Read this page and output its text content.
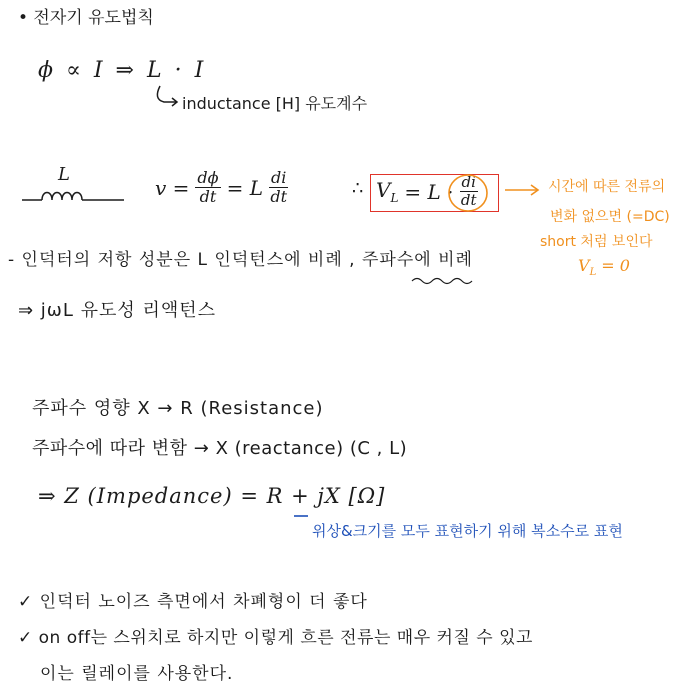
• 전자기 유도법칙
ϕ ∝ I ⇒ L · I
inductance [H] 유도계수
L
$v = \frac{d\phi}{dt} = L \frac{di}{dt}$	∴ $V_L = L \cdot \frac{di}{dt}$	시간에 따른 전류의
변화 없으면 (=DC)
short 처럼 보인다
$V_L = 0$
- 인덕터의 저항 성분은 L 인덕턴스에 비례 , 주파수에 비례
⇒ jωL 유도성 리액턴스
주파수 영향 X → R (Resistance)
주파수에 따라 변함 → X (reactance) (C , L)
⇒ Z (Impedance) = R + jX [Ω]
위상&크기를 모두 표현하기 위해 복소수로 표현
✓ 인덕터 노이즈 측면에서 차폐형이 더 좋다
✓ on off는 스위치로 하지만 이렇게 흐른 전류는 매우 커질 수 있고
이는 릴레이를 사용한다.
